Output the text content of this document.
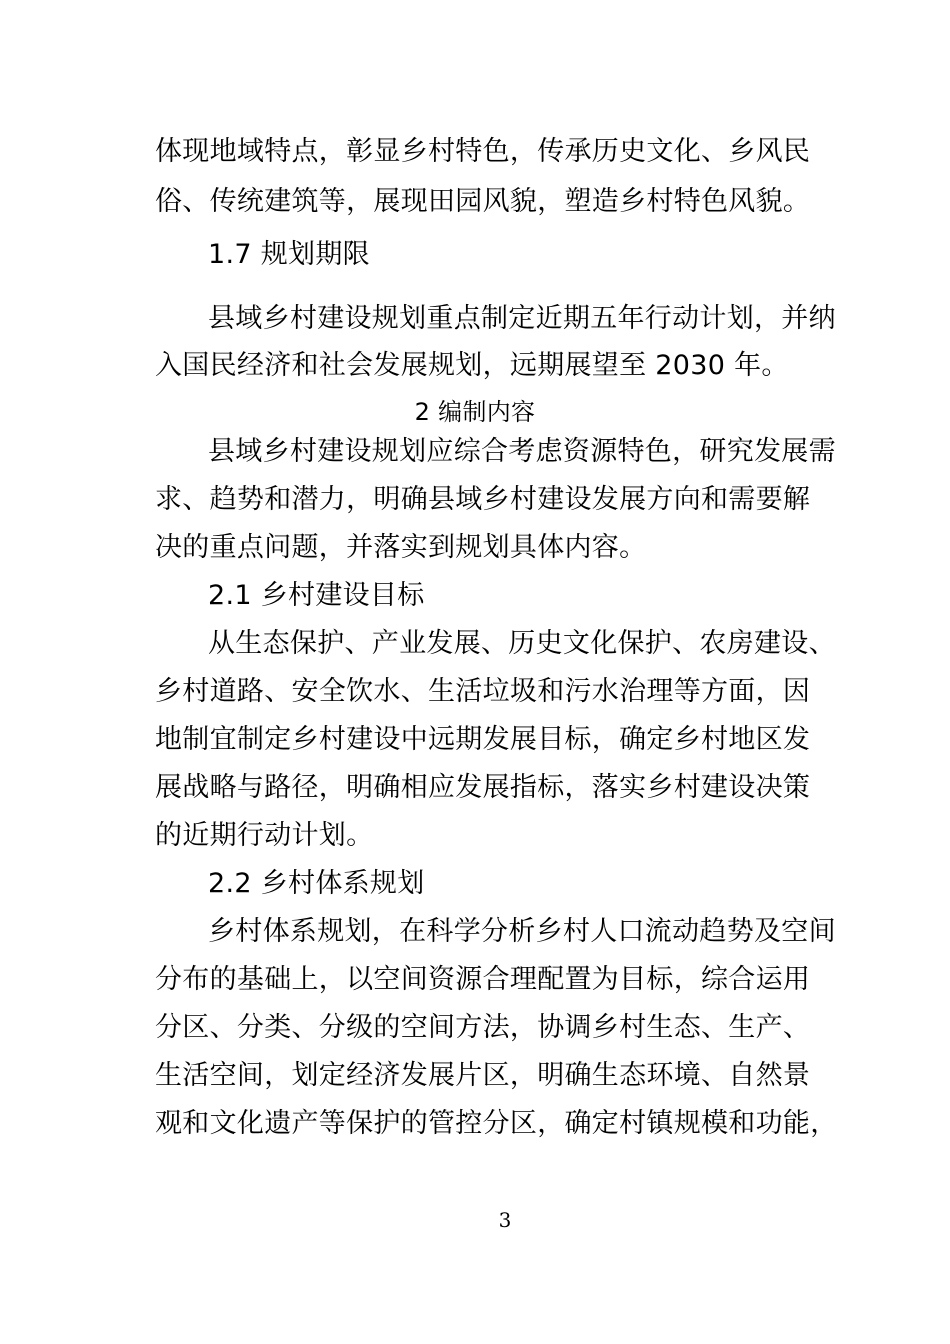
体现地域特点，彰显乡村特色，传承历史文化、乡风民
俗、传统建筑等，展现田园风貌，塑造乡村特色风貌。
1.7 规划期限
县域乡村建设规划重点制定近期五年行动计划，并纳
入国民经济和社会发展规划，远期展望至 2030 年。
2 编制内容
县域乡村建设规划应综合考虑资源特色，研究发展需
求、趋势和潜力，明确县域乡村建设发展方向和需要解
决的重点问题，并落实到规划具体内容。
2.1 乡村建设目标
从生态保护、产业发展、历史文化保护、农房建设、
乡村道路、安全饮水、生活垃圾和污水治理等方面，因
地制宜制定乡村建设中远期发展目标，确定乡村地区发
展战略与路径，明确相应发展指标，落实乡村建设决策
的近期行动计划。
2.2 乡村体系规划
乡村体系规划，在科学分析乡村人口流动趋势及空间
分布的基础上，以空间资源合理配置为目标，综合运用
分区、分类、分级的空间方法，协调乡村生态、生产、
生活空间，划定经济发展片区，明确生态环境、自然景
观和文化遗产等保护的管控分区，确定村镇规模和功能，
3
